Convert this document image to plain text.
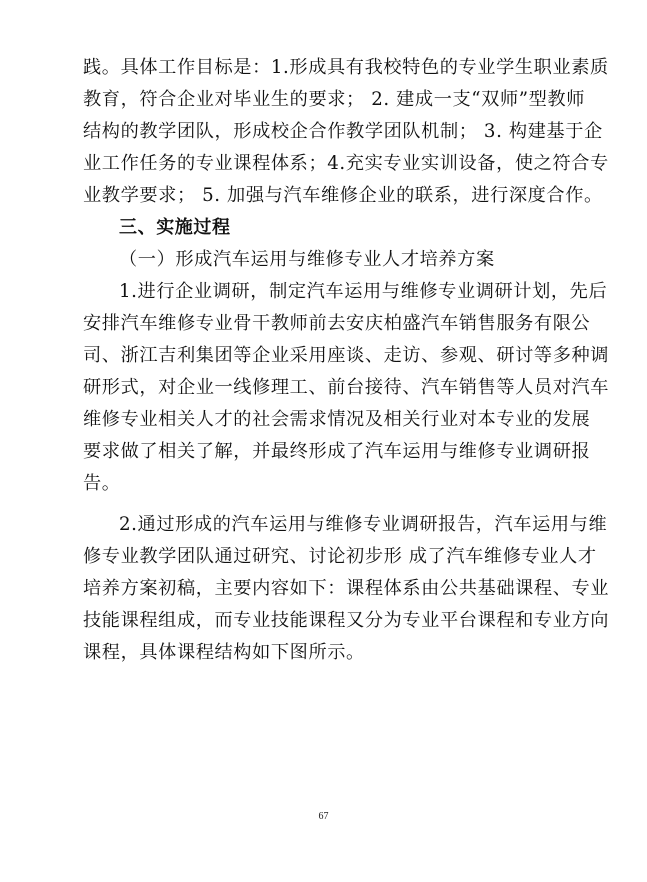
践。具体工作目标是：1.形成具有我校特色的专业学生职业素质
教育，符合企业对毕业生的要求； 2. 建成一支“双师”型教师
结构的教学团队，形成校企合作教学团队机制； 3. 构建基于企
业工作任务的专业课程体系；4.充实专业实训设备，使之符合专
业教学要求； 5. 加强与汽车维修企业的联系，进行深度合作。
三、实施过程
（一）形成汽车运用与维修专业人才培养方案
1.进行企业调研，制定汽车运用与维修专业调研计划，先后
安排汽车维修专业骨干教师前去安庆柏盛汽车销售服务有限公
司、浙江吉利集团等企业采用座谈、走访、参观、研讨等多种调
研形式，对企业一线修理工、前台接待、汽车销售等人员对汽车
维修专业相关人才的社会需求情况及相关行业对本专业的发展
要求做了相关了解，并最终形成了汽车运用与维修专业调研报
告。
2.通过形成的汽车运用与维修专业调研报告，汽车运用与维
修专业教学团队通过研究、讨论初步形 成了汽车维修专业人才
培养方案初稿，主要内容如下：课程体系由公共基础课程、专业
技能课程组成，而专业技能课程又分为专业平台课程和专业方向
课程，具体课程结构如下图所示。
67
